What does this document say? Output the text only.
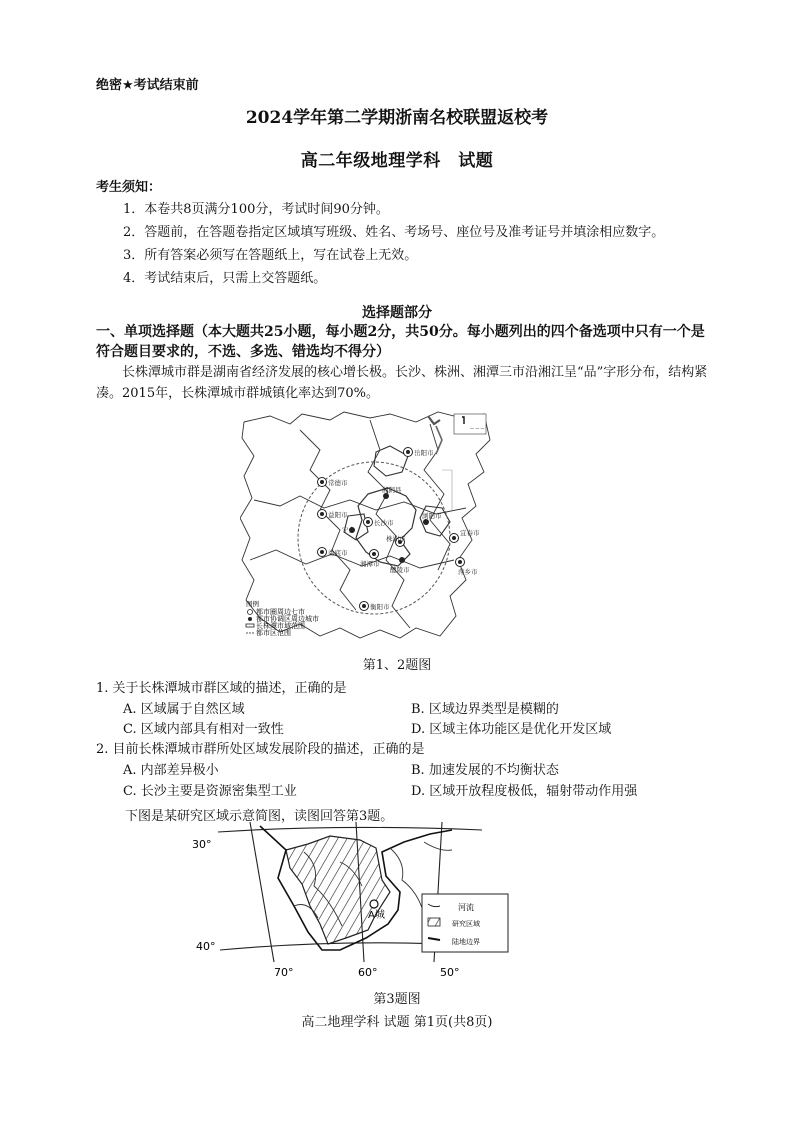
绝密★考试结束前
2024学年第二学期浙南名校联盟返校考
高二年级地理学科　试题
考生须知：
1．本卷共8页满分100分，考试时间90分钟。
2．答题前，在答题卷指定区域填写班级、姓名、考场号、座位号及准考证号并填涂相应数字。
3．所有答案必须写在答题纸上，写在试卷上无效。
4．考试结束后，只需上交答题纸。
选择题部分
一、单项选择题（本大题共25小题，每小题2分，共50分。每小题列出的四个备选项中只有一个是符合题目要求的，不选、多选、错选均不得分）
长株潭城市群是湖南省经济发展的核心增长极。长沙、株洲、湘潭三市沿湘江呈“品”字形分布，结构紧凑。2015年，长株潭城市群城镇化率达到70%。
— — —
岳阳市
常德市
益阳市
湘阴县
浏阳市
长沙市
宁乡
娄底市
湘潭市
株洲市
醴陵市
宜春市
萍乡市
衡阳市
图例
都市圈周边七市
都市协调区周边城市
长株潭市域范围
都市区范围
第1、2题图
1. 关于长株潭城市群区域的描述，正确的是
A. 区域属于自然区域	B. 区域边界类型是模糊的
C. 区域内部具有相对一致性	D. 区域主体功能区是优化开发区域
2. 目前长株潭城市群所处区域发展阶段的描述，正确的是
A. 内部差异极小	B. 加速发展的不均衡状态
C. 长沙主要是资源密集型工业	D. 区域开放程度极低，辐射带动作用强
下图是某研究区域示意简图，读图回答第3题。
A城
30°
40°
70°	60°	50°
河流
研究区域
陆地边界
第3题图
高二地理学科 试题 第1页(共8页)
